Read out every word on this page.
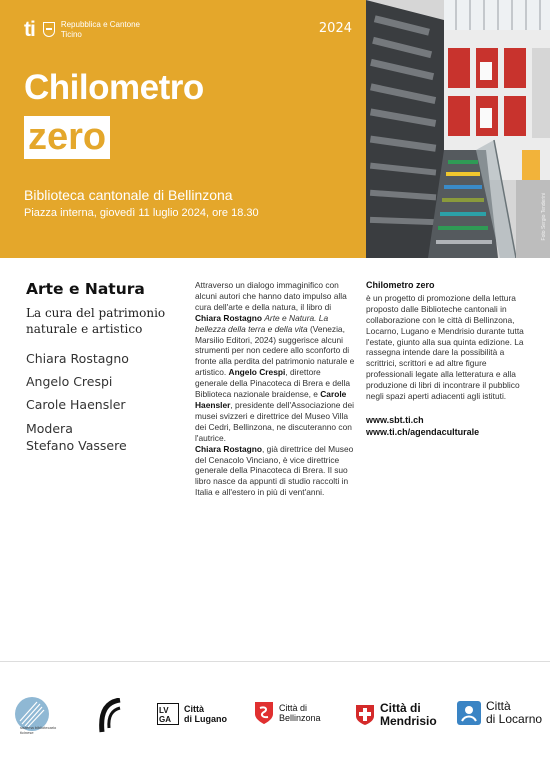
ti	Repubblica e Cantone Ticino	2024
Chilometro
zero
Biblioteca cantonale di Bellinzona
Piazza interna, giovedì 11 luglio 2024, ore 18.30	Foto Sergio Tenderini
Arte e Natura
La cura del patrimonio naturale e artistico
Chiara Rostagno
Angelo Crespi
Carole Haensler
Modera
Stefano Vassere

Attraverso un dialogo immaginifico con alcuni autori che hanno dato impulso alla cura dell'arte e della natura, il libro di Chiara Rostagno Arte e Natura. La bellezza della terra e della vita (Venezia, Marsilio Editori, 2024) suggerisce alcuni strumenti per non cedere allo sconforto di fronte alla perdita del patrimonio naturale e artistico. Angelo Crespi, direttore generale della Pinacoteca di Brera e della Biblioteca nazionale braidense, e Carole Haensler, presidente dell'Associazione dei musei svizzeri e direttrice del Museo Villa dei Cedri, Bellinzona, ne discuteranno con l'autrice.

Chiara Rostagno, già direttrice del Museo del Cenacolo Vinciano, è vice direttrice generale della Pinacoteca di Brera. Il suo libro nasce da appunti di studio raccolti in Italia e all'estero in più di vent'anni.

Chilometro zero
è un progetto di promozione della lettura proposto dalle Biblioteche cantonali in collaborazione con le città di Bellinzona, Locarno, Lugano e Mendrisio durante tutta l'estate, giunto alla sua quinta edizione. La rassegna intende dare la possibilità a scrittrici, scrittori e ad altre figure professionali legate alla letteratura e alla produzione di libri di incontrare il pubblico negli spazi aperti adiacenti agli istituti.
www.sbt.ti.ch
www.ti.ch/agendaculturale
sistema bibliotecario ticinese
LV
GA
Città
di Lugano
Città di
Bellinzona
Città di
Mendrisio
Città
di Locarno
